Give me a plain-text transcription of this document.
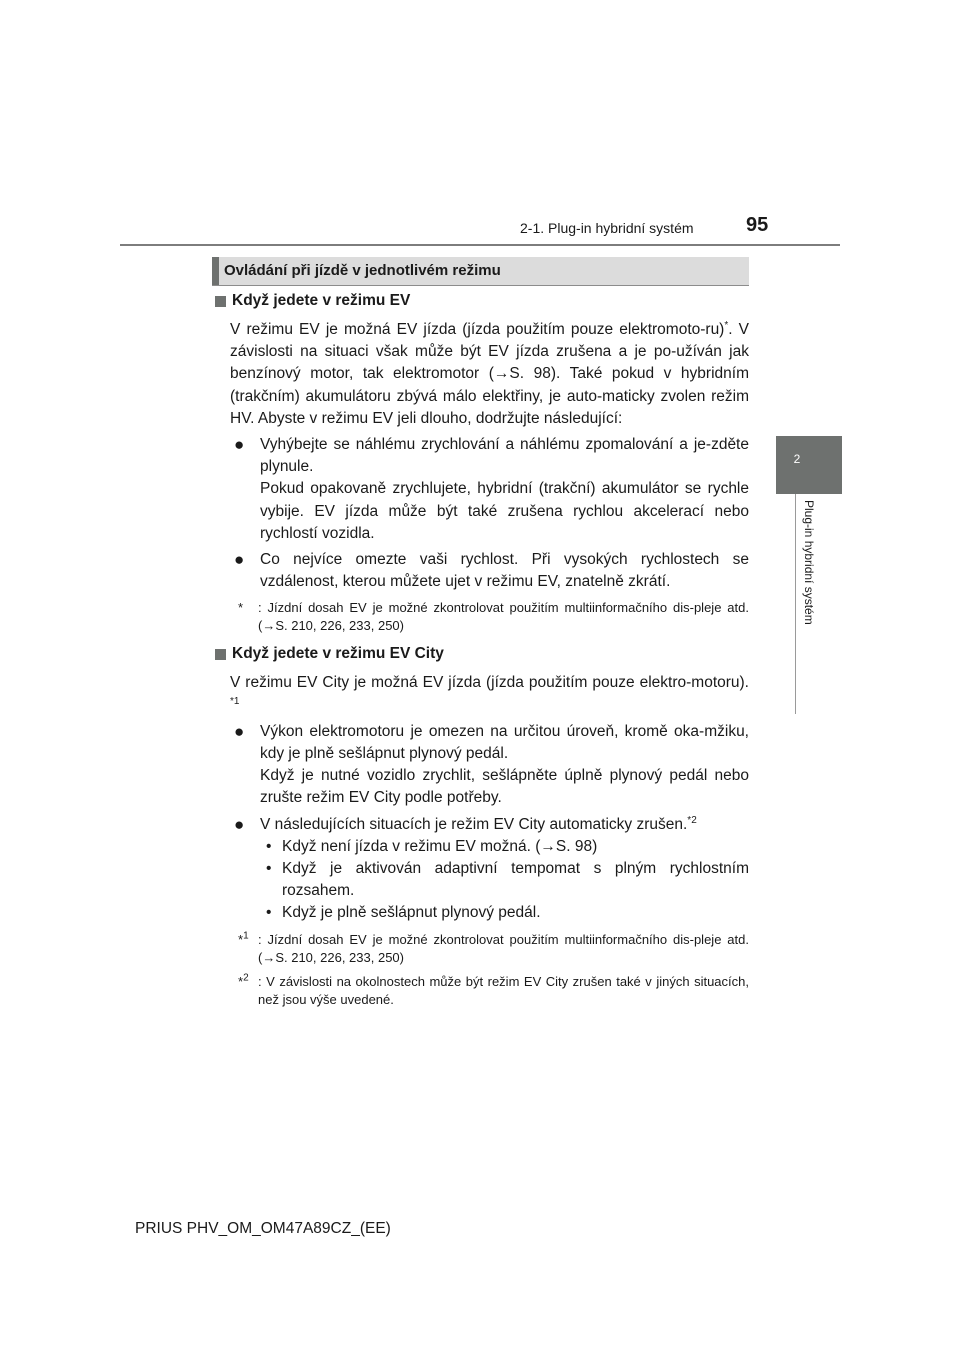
2-1. Plug-in hybridní systém	95
2
Plug-in hybridní systém
Ovládání při jízdě v jednotlivém režimu

Když jedete v režimu EV

V režimu EV je možná EV jízda (jízda použitím pouze elektromoto-ru)*. V závislosti na situaci však může být EV jízda zrušena a je po-užíván jak benzínový motor, tak elektromotor (→S. 98). Také pokud v hybridním (trakčním) akumulátoru zbývá málo elektřiny, je auto-maticky zvolen režim HV. Abyste v režimu EV jeli dlouho, dodržujte následující:

● Vyhýbejte se náhlému zrychlování a náhlému zpomalování a je-zděte plynule.

Pokud opakovaně zrychlujete, hybridní (trakční) akumulátor se rychle vybije. EV jízda může být také zrušena rychlou akcelerací nebo rychlostí vozidla.

● Co nejvíce omezte vaši rychlost. Při vysokých rychlostech se vzdálenost, kterou můžete ujet v režimu EV, znatelně zkrátí.

* : Jízdní dosah EV je možné zkontrolovat použitím multiinformačního dis-pleje atd. (→S. 210, 226, 233, 250)

Když jedete v režimu EV City

V režimu EV City je možná EV jízda (jízda použitím pouze elektro-motoru). $^{*1}$

● Výkon elektromotoru je omezen na určitou úroveň, kromě oka-mžiku, kdy je plně sešlápnut plynový pedál.

Když je nutné vozidlo zrychlit, sešlápněte úplně plynový pedál nebo zrušte režim EV City podle potřeby.

● V následujících situacích je režim EV City automaticky zrušen.$^{*2}$

• Když není jízda v režimu EV možná. (→S. 98)

• Když je aktivován adaptivní tempomat s plným rychlostním rozsahem.

• Když je plně sešlápnut plynový pedál.

*$^1$ : Jízdní dosah EV je možné zkontrolovat použitím multiinformačního dis-pleje atd. (→S. 210, 226, 233, 250)

*$^2$ : V závislosti na okolnostech může být režim EV City zrušen také v jiných situacích, než jsou výše uvedené.

PRIUS PHV_OM_OM47A89CZ_(EE)
